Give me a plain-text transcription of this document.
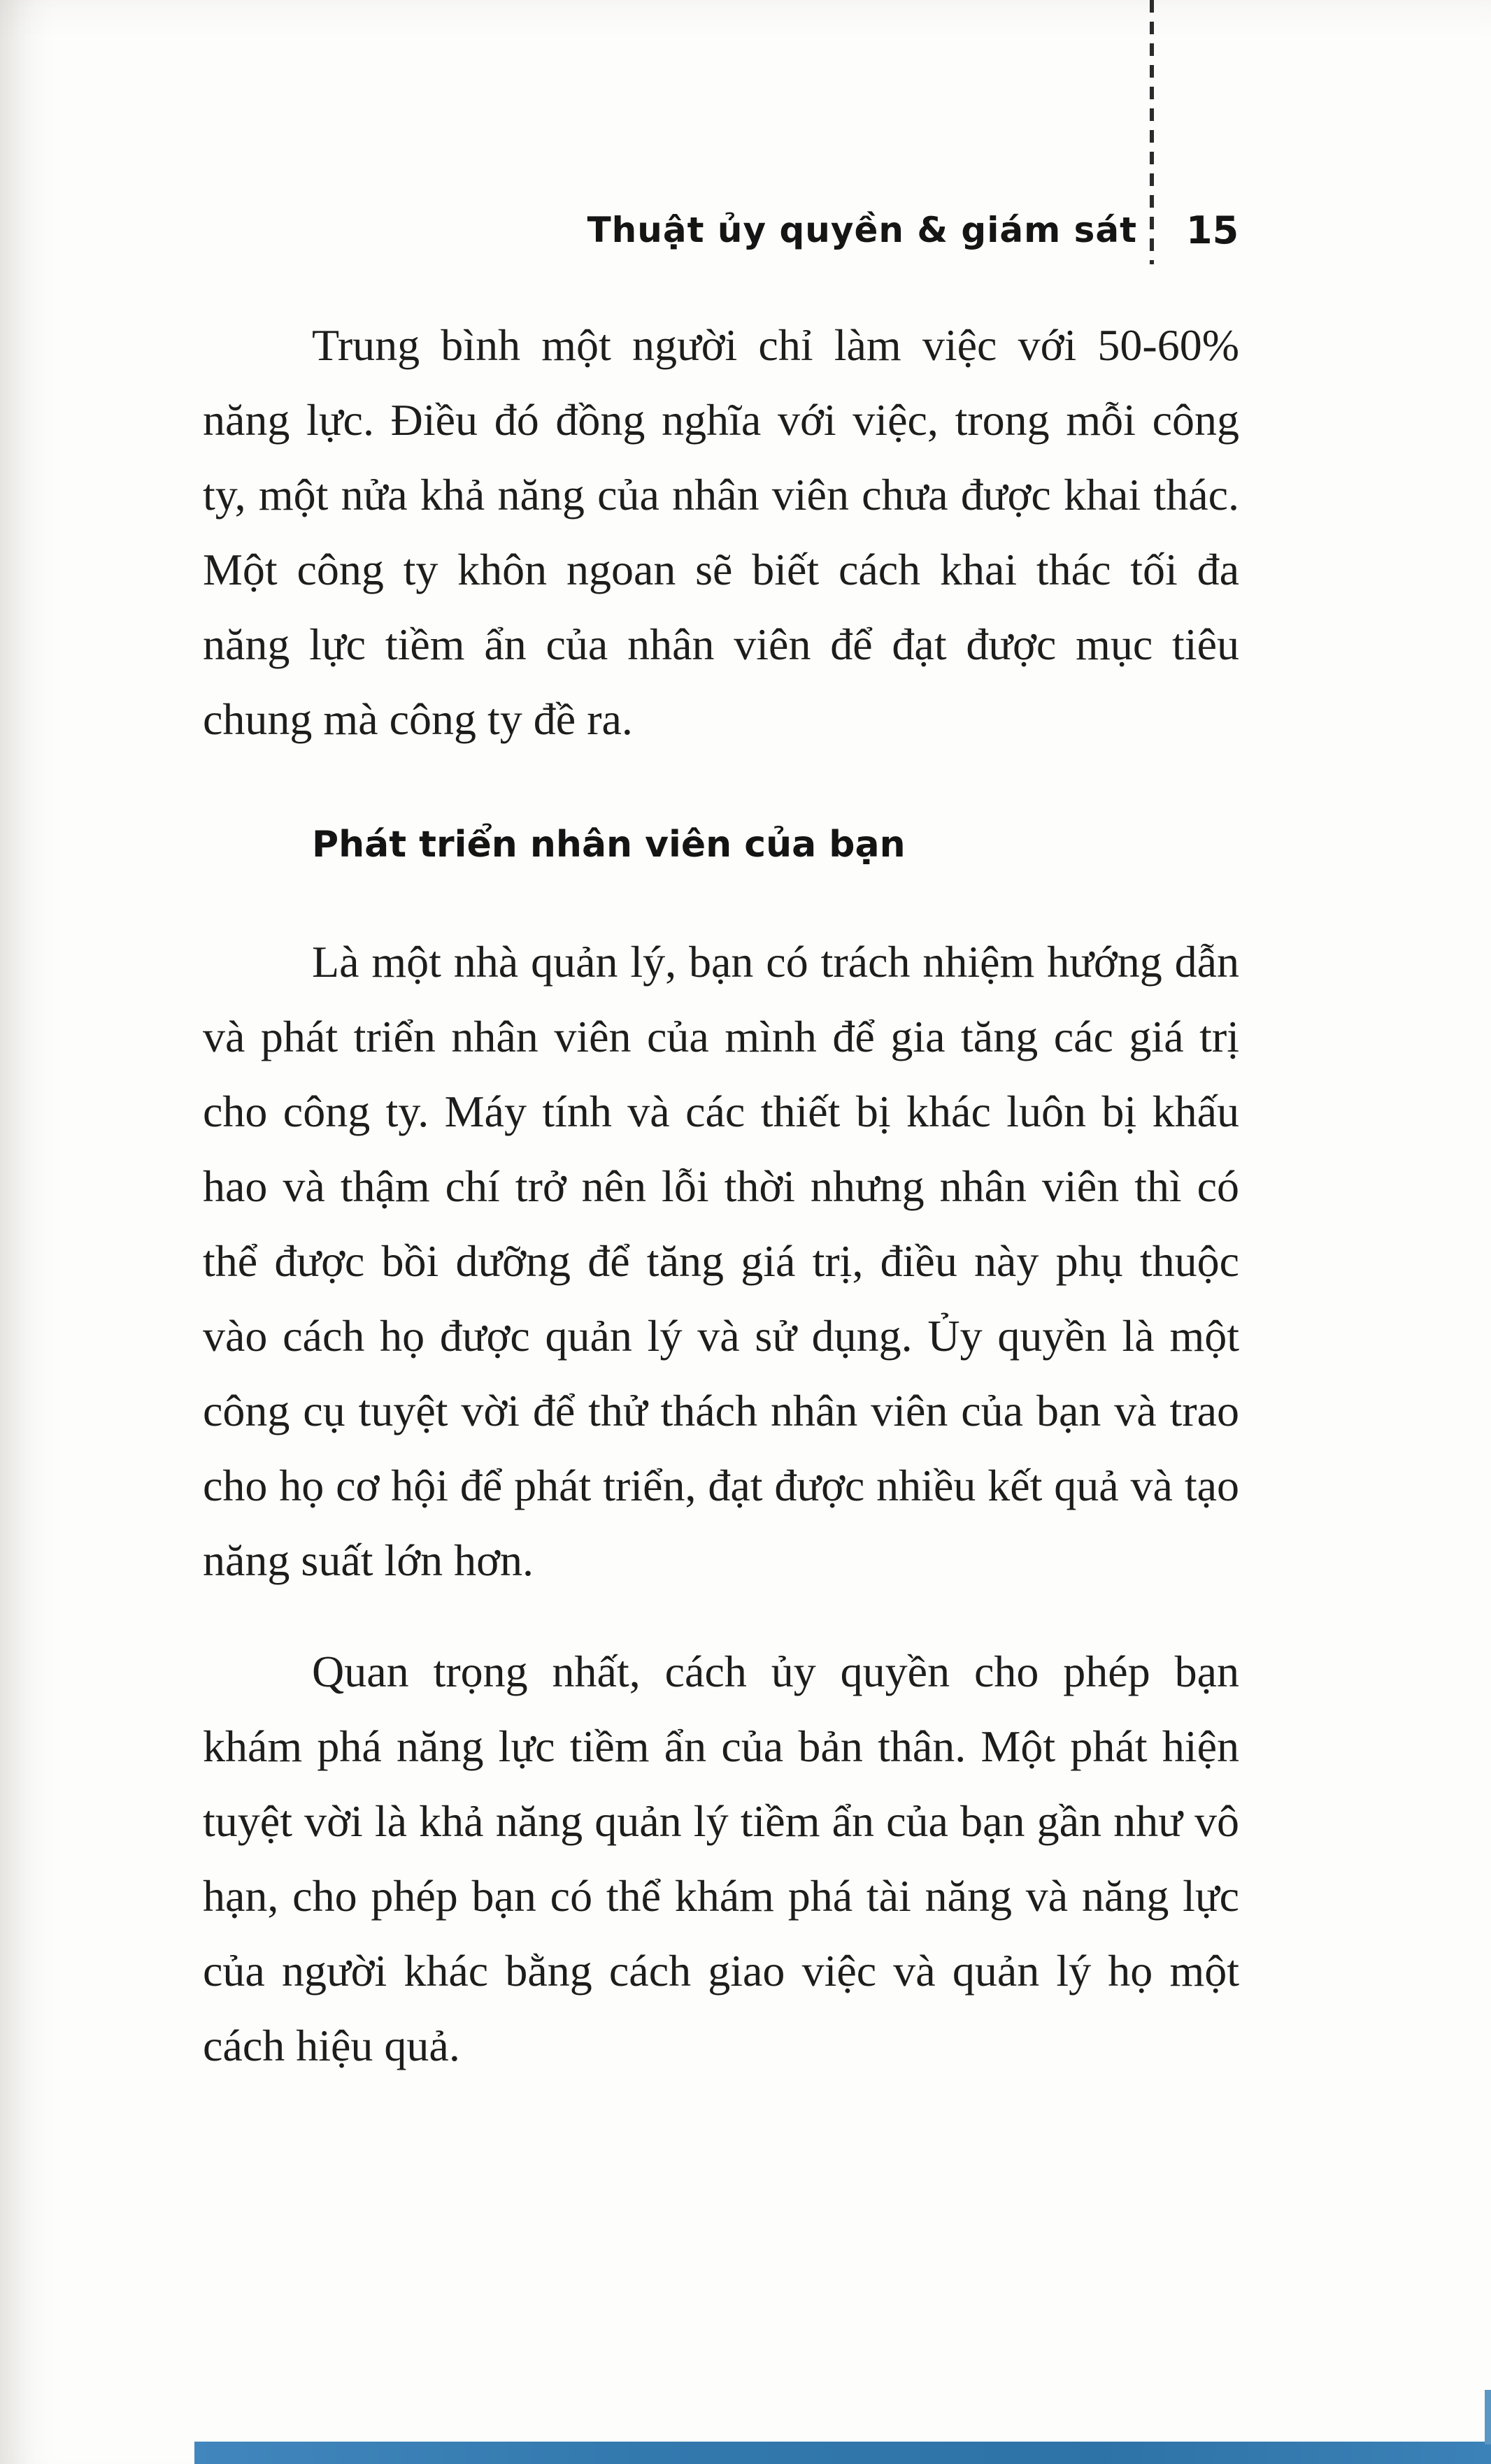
Thuật ủy quyền & giám sát 15

Trung bình một người chỉ làm việc với 50-60% năng lực. Điều đó đồng nghĩa với việc, trong mỗi công ty, một nửa khả năng của nhân viên chưa được khai thác. Một công ty khôn ngoan sẽ biết cách khai thác tối đa năng lực tiềm ẩn của nhân viên để đạt được mục tiêu chung mà công ty đề ra.

Phát triển nhân viên của bạn

Là một nhà quản lý, bạn có trách nhiệm hướng dẫn và phát triển nhân viên của mình để gia tăng các giá trị cho công ty. Máy tính và các thiết bị khác luôn bị khấu hao và thậm chí trở nên lỗi thời nhưng nhân viên thì có thể được bồi dưỡng để tăng giá trị, điều này phụ thuộc vào cách họ được quản lý và sử dụng. Ủy quyền là một công cụ tuyệt vời để thử thách nhân viên của bạn và trao cho họ cơ hội để phát triển, đạt được nhiều kết quả và tạo năng suất lớn hơn.

Quan trọng nhất, cách ủy quyền cho phép bạn khám phá năng lực tiềm ẩn của bản thân. Một phát hiện tuyệt vời là khả năng quản lý tiềm ẩn của bạn gần như vô hạn, cho phép bạn có thể khám phá tài năng và năng lực của người khác bằng cách giao việc và quản lý họ một cách hiệu quả.
